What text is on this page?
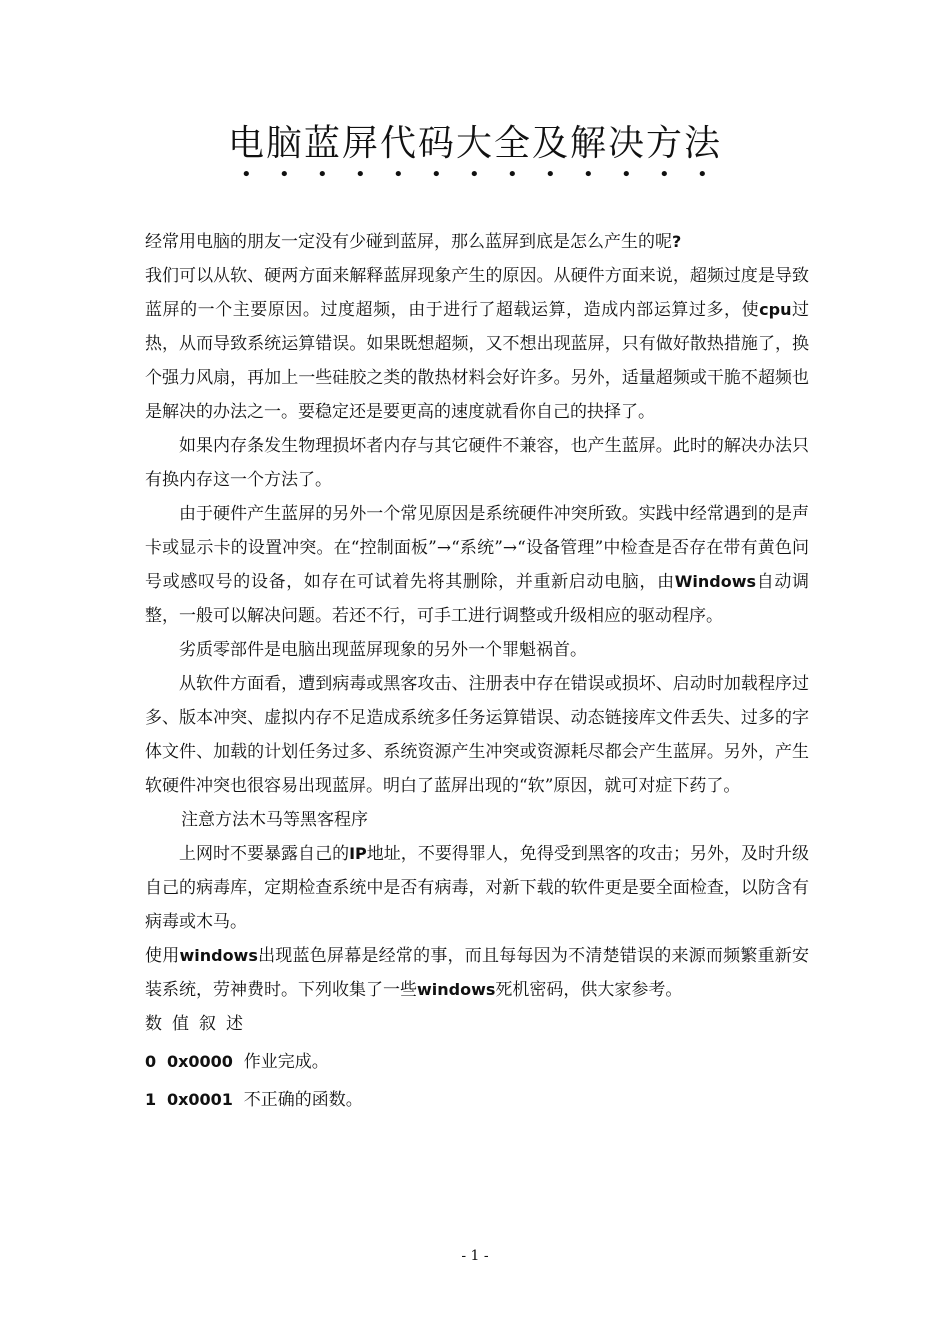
电脑蓝屏代码大全及解决方法

经常用电脑的朋友一定没有少碰到蓝屏，那么蓝屏到底是怎么产生的呢?

我们可以从软、硬两方面来解释蓝屏现象产生的原因。从硬件方面来说，超频过度是导致蓝屏的一个主要原因。过度超频，由于进行了超载运算，造成内部运算过多，使cpu过热，从而导致系统运算错误。如果既想超频，又不想出现蓝屏，只有做好散热措施了，换个强力风扇，再加上一些硅胶之类的散热材料会好许多。另外，适量超频或干脆不超频也是解决的办法之一。要稳定还是要更高的速度就看你自己的抉择了。

如果内存条发生物理损坏者内存与其它硬件不兼容，也产生蓝屏。此时的解决办法只有换内存这一个方法了。

由于硬件产生蓝屏的另外一个常见原因是系统硬件冲突所致。实践中经常遇到的是声卡或显示卡的设置冲突。在“控制面板”→“系统”→“设备管理”中检查是否存在带有黄色问号或感叹号的设备，如存在可试着先将其删除，并重新启动电脑，由Windows自动调整，一般可以解决问题。若还不行，可手工进行调整或升级相应的驱动程序。

劣质零部件是电脑出现蓝屏现象的另外一个罪魁祸首。

从软件方面看，遭到病毒或黑客攻击、注册表中存在错误或损坏、启动时加载程序过多、版本冲突、虚拟内存不足造成系统多任务运算错误、动态链接库文件丢失、过多的字体文件、加载的计划任务过多、系统资源产生冲突或资源耗尽都会产生蓝屏。另外，产生软硬件冲突也很容易出现蓝屏。明白了蓝屏出现的“软”原因，就可对症下药了。

注意方法木马等黑客程序

上网时不要暴露自己的IP地址，不要得罪人，免得受到黑客的攻击；另外，及时升级自己的病毒库，定期检查系统中是否有病毒，对新下载的软件更是要全面检查，以防含有病毒或木马。

使用windows出现蓝色屏幕是经常的事，而且每每因为不清楚错误的来源而频繁重新安装系统，劳神费时。下列收集了一些windows死机密码，供大家参考。

数值叙述

0 0x0000 作业完成。

1 0x0001 不正确的函数。

- 1 -
